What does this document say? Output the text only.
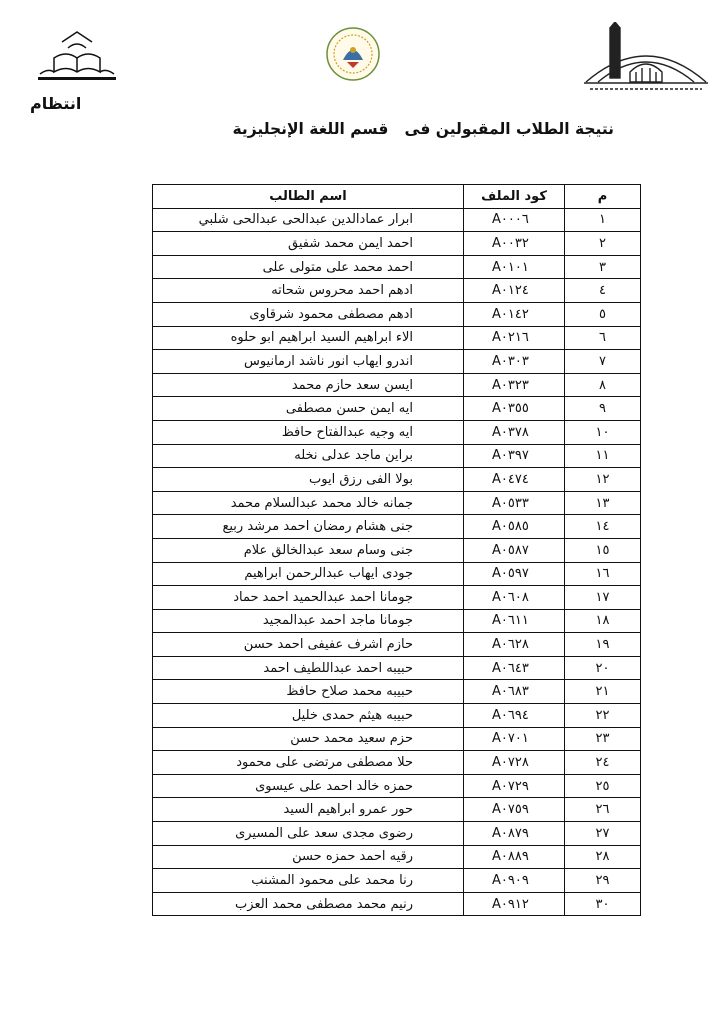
انتظام
نتيجة الطلاب المقبولين فى   قسم اللغة الإنجليزية
م	كود الملف	اسم الطالب
١	A٠٠٠٦	ابرار عمادالدين عبدالحى عبدالحى شلبي
٢	A٠٠٣٢	احمد ايمن محمد شفيق
٣	A٠١٠١	احمد محمد على متولى على
٤	A٠١٢٤	ادهم احمد محروس شحاته
٥	A٠١٤٢	ادهم مصطفى محمود شرقاوى
٦	A٠٢١٦	الاء ابراهيم السيد ابراهيم ابو حلوه
٧	A٠٣٠٣	اندرو ايهاب انور ناشد ارمانيوس
٨	A٠٣٢٣	ايسن سعد حازم محمد
٩	A٠٣٥٥	ايه ايمن حسن مصطفى
١٠	A٠٣٧٨	ايه وجيه عبدالفتاح حافظ
١١	A٠٣٩٧	براين ماجد عدلى نخله
١٢	A٠٤٧٤	بولا الفى رزق ايوب
١٣	A٠٥٣٣	جمانه خالد محمد عبدالسلام محمد
١٤	A٠٥٨٥	جنى هشام رمضان احمد مرشد ربيع
١٥	A٠٥٨٧	جنى وسام سعد عبدالخالق علام
١٦	A٠٥٩٧	جودى ايهاب عبدالرحمن ابراهيم
١٧	A٠٦٠٨	جومانا احمد عبدالحميد احمد حماد
١٨	A٠٦١١	جومانا ماجد احمد عبدالمجيد
١٩	A٠٦٢٨	حازم اشرف عفيفى احمد حسن
٢٠	A٠٦٤٣	حبيبه احمد عبداللطيف احمد
٢١	A٠٦٨٣	حبيبه محمد صلاح حافظ
٢٢	A٠٦٩٤	حبيبه هيثم حمدى خليل
٢٣	A٠٧٠١	حزم سعيد محمد حسن
٢٤	A٠٧٢٨	حلا مصطفى مرتضى على محمود
٢٥	A٠٧٢٩	حمزه خالد احمد على عيسوى
٢٦	A٠٧٥٩	حور عمرو ابراهيم السيد
٢٧	A٠٨٧٩	رضوى مجدى سعد على المسيرى
٢٨	A٠٨٨٩	رقيه احمد حمزه حسن
٢٩	A٠٩٠٩	رنا محمد على محمود المشنب
٣٠	A٠٩١٢	رنيم محمد مصطفى محمد العزب
